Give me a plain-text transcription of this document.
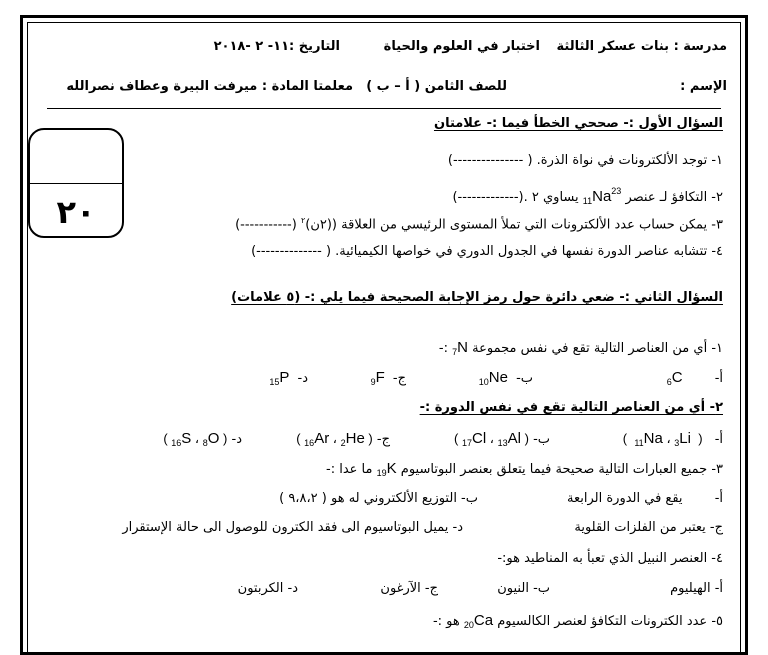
مدرسة : بنات عسكر الثالثة
اختبار في العلوم والحياة
التاريخ :١١- ٢ -٢٠١٨
الإسم :
للصف الثامن ( أ – ب )
معلمتا المادة : ميرفت البيرة وعطاف نصرالله
٢٠
السؤال الأول :- صححي الخطأ فيما :- علامتان
١- توجد الألكترونات في نواة الذرة. ( ---------------)
٢- التكافؤ لـ عنصر $_{11}Na^{23}$ يساوي ٢ .(-------------)
٣- يمكن حساب عدد الألكترونات التي تملأ المستوى الرئيسي من العلاقة ((٢ن)$^٢$ (-----------)
٤- تتشابه عناصر الدورة نفسها في الجدول الدوري في خواصها الكيميائية. ( --------------)
السؤال الثاني :- ضعي دائرة حول رمز الإجابة الصحيحة فيما يلي :- (٥ علامات)
١- أي من العناصر التالية تقع في نفس مجموعة $_7$N :-
أ- $_6$C
ب- $_{10}$Ne
ج- $_9$F
د- $_{15}$P
٢- أي من العناصر التالية تقع في نفس الدورة :-
أ- (  $_{11}$Na ، $_3$Li  )
ب- ( $_{17}$Cl ، $_{13}$Al )
ج- ( $_{16}$Ar ، $_2$He )
د- ( $_{16}$S ، $_8$O )
٣- جميع العبارات التالية صحيحة فيما يتعلق بعنصر البوتاسيوم $_{19}$K ما عدا :-
أ- يقع في الدورة الرابعة
ب- التوزيع الألكتروني له هو ( ٩،٨،٢ )
ج- يعتبر من الفلزات القلوية
د- يميل البوتاسيوم الى فقد الكترون للوصول الى حالة الإستقرار
٤- العنصر النبيل الذي تعبأ به المناطيد هو:-
أ- الهيليوم
ب- النيون
ج- الآرغون
د- الكربتون
٥- عدد الكترونات التكافؤ لعنصر الكالسيوم $_{20}$Ca هو :-
